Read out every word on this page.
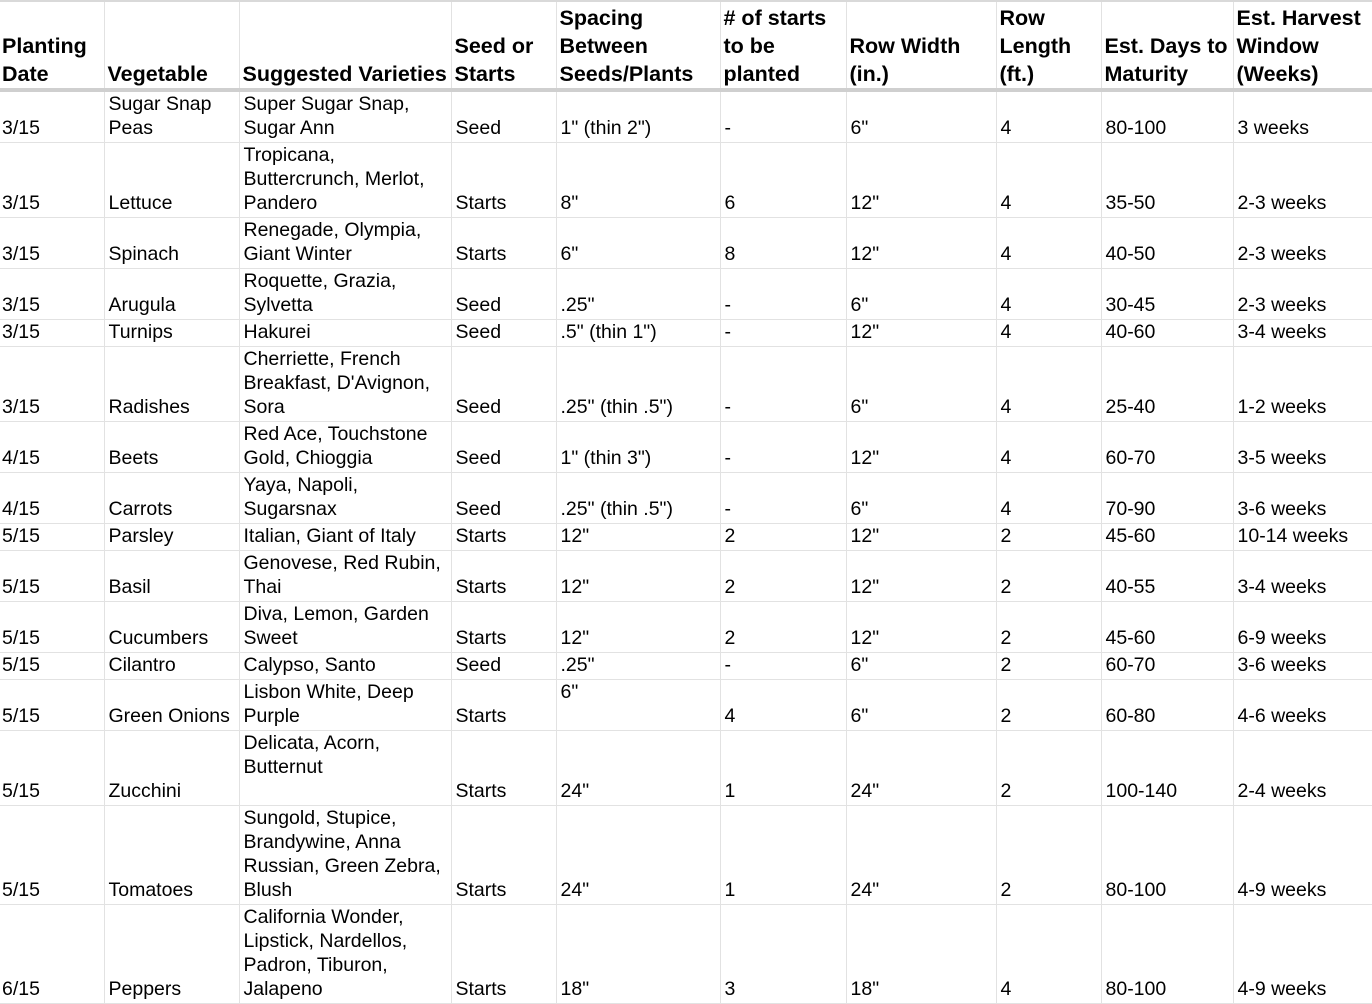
Planting Date	Vegetable	Suggested Varieties	Seed or Starts	Spacing Between Seeds/Plants	# of starts to be planted	Row Width (in.)	Row Length (ft.)	Est. Days to Maturity	Est. Harvest Window (Weeks)
3/15	Sugar Snap Peas	Super Sugar Snap, Sugar Ann	Seed	1" (thin 2")	-	6"	4	80-100	3 weeks
3/15	Lettuce	Tropicana, Buttercrunch, Merlot, Pandero	Starts	8"	6	12"	4	35-50	2-3 weeks
3/15	Spinach	Renegade, Olympia, Giant Winter	Starts	6"	8	12"	4	40-50	2-3 weeks
3/15	Arugula	Roquette, Grazia, Sylvetta	Seed	.25"	-	6"	4	30-45	2-3 weeks
3/15	Turnips	Hakurei	Seed	.5" (thin 1")	-	12"	4	40-60	3-4 weeks
3/15	Radishes	Cherriette, French Breakfast, D'Avignon, Sora	Seed	.25" (thin .5")	-	6"	4	25-40	1-2 weeks
4/15	Beets	Red Ace, Touchstone Gold, Chioggia	Seed	1" (thin 3")	-	12"	4	60-70	3-5 weeks
4/15	Carrots	Yaya, Napoli, Sugarsnax	Seed	.25" (thin .5")	-	6"	4	70-90	3-6 weeks
5/15	Parsley	Italian, Giant of Italy	Starts	12"	2	12"	2	45-60	10-14 weeks
5/15	Basil	Genovese, Red Rubin, Thai	Starts	12"	2	12"	2	40-55	3-4 weeks
5/15	Cucumbers	Diva, Lemon, Garden Sweet	Starts	12"	2	12"	2	45-60	6-9 weeks
5/15	Cilantro	Calypso, Santo	Seed	.25"	-	6"	2	60-70	3-6 weeks
5/15	Green Onions	Lisbon White, Deep Purple	Starts	6"	4	6"	2	60-80	4-6 weeks
5/15	Zucchini	Delicata, Acorn, Butternut	Starts	24"	1	24"	2	100-140	2-4 weeks
5/15	Tomatoes	Sungold, Stupice, Brandywine, Anna Russian, Green Zebra, Blush	Starts	24"	1	24"	2	80-100	4-9 weeks
6/15	Peppers	California Wonder, Lipstick, Nardellos, Padron, Tiburon, Jalapeno	Starts	18"	3	18"	4	80-100	4-9 weeks
